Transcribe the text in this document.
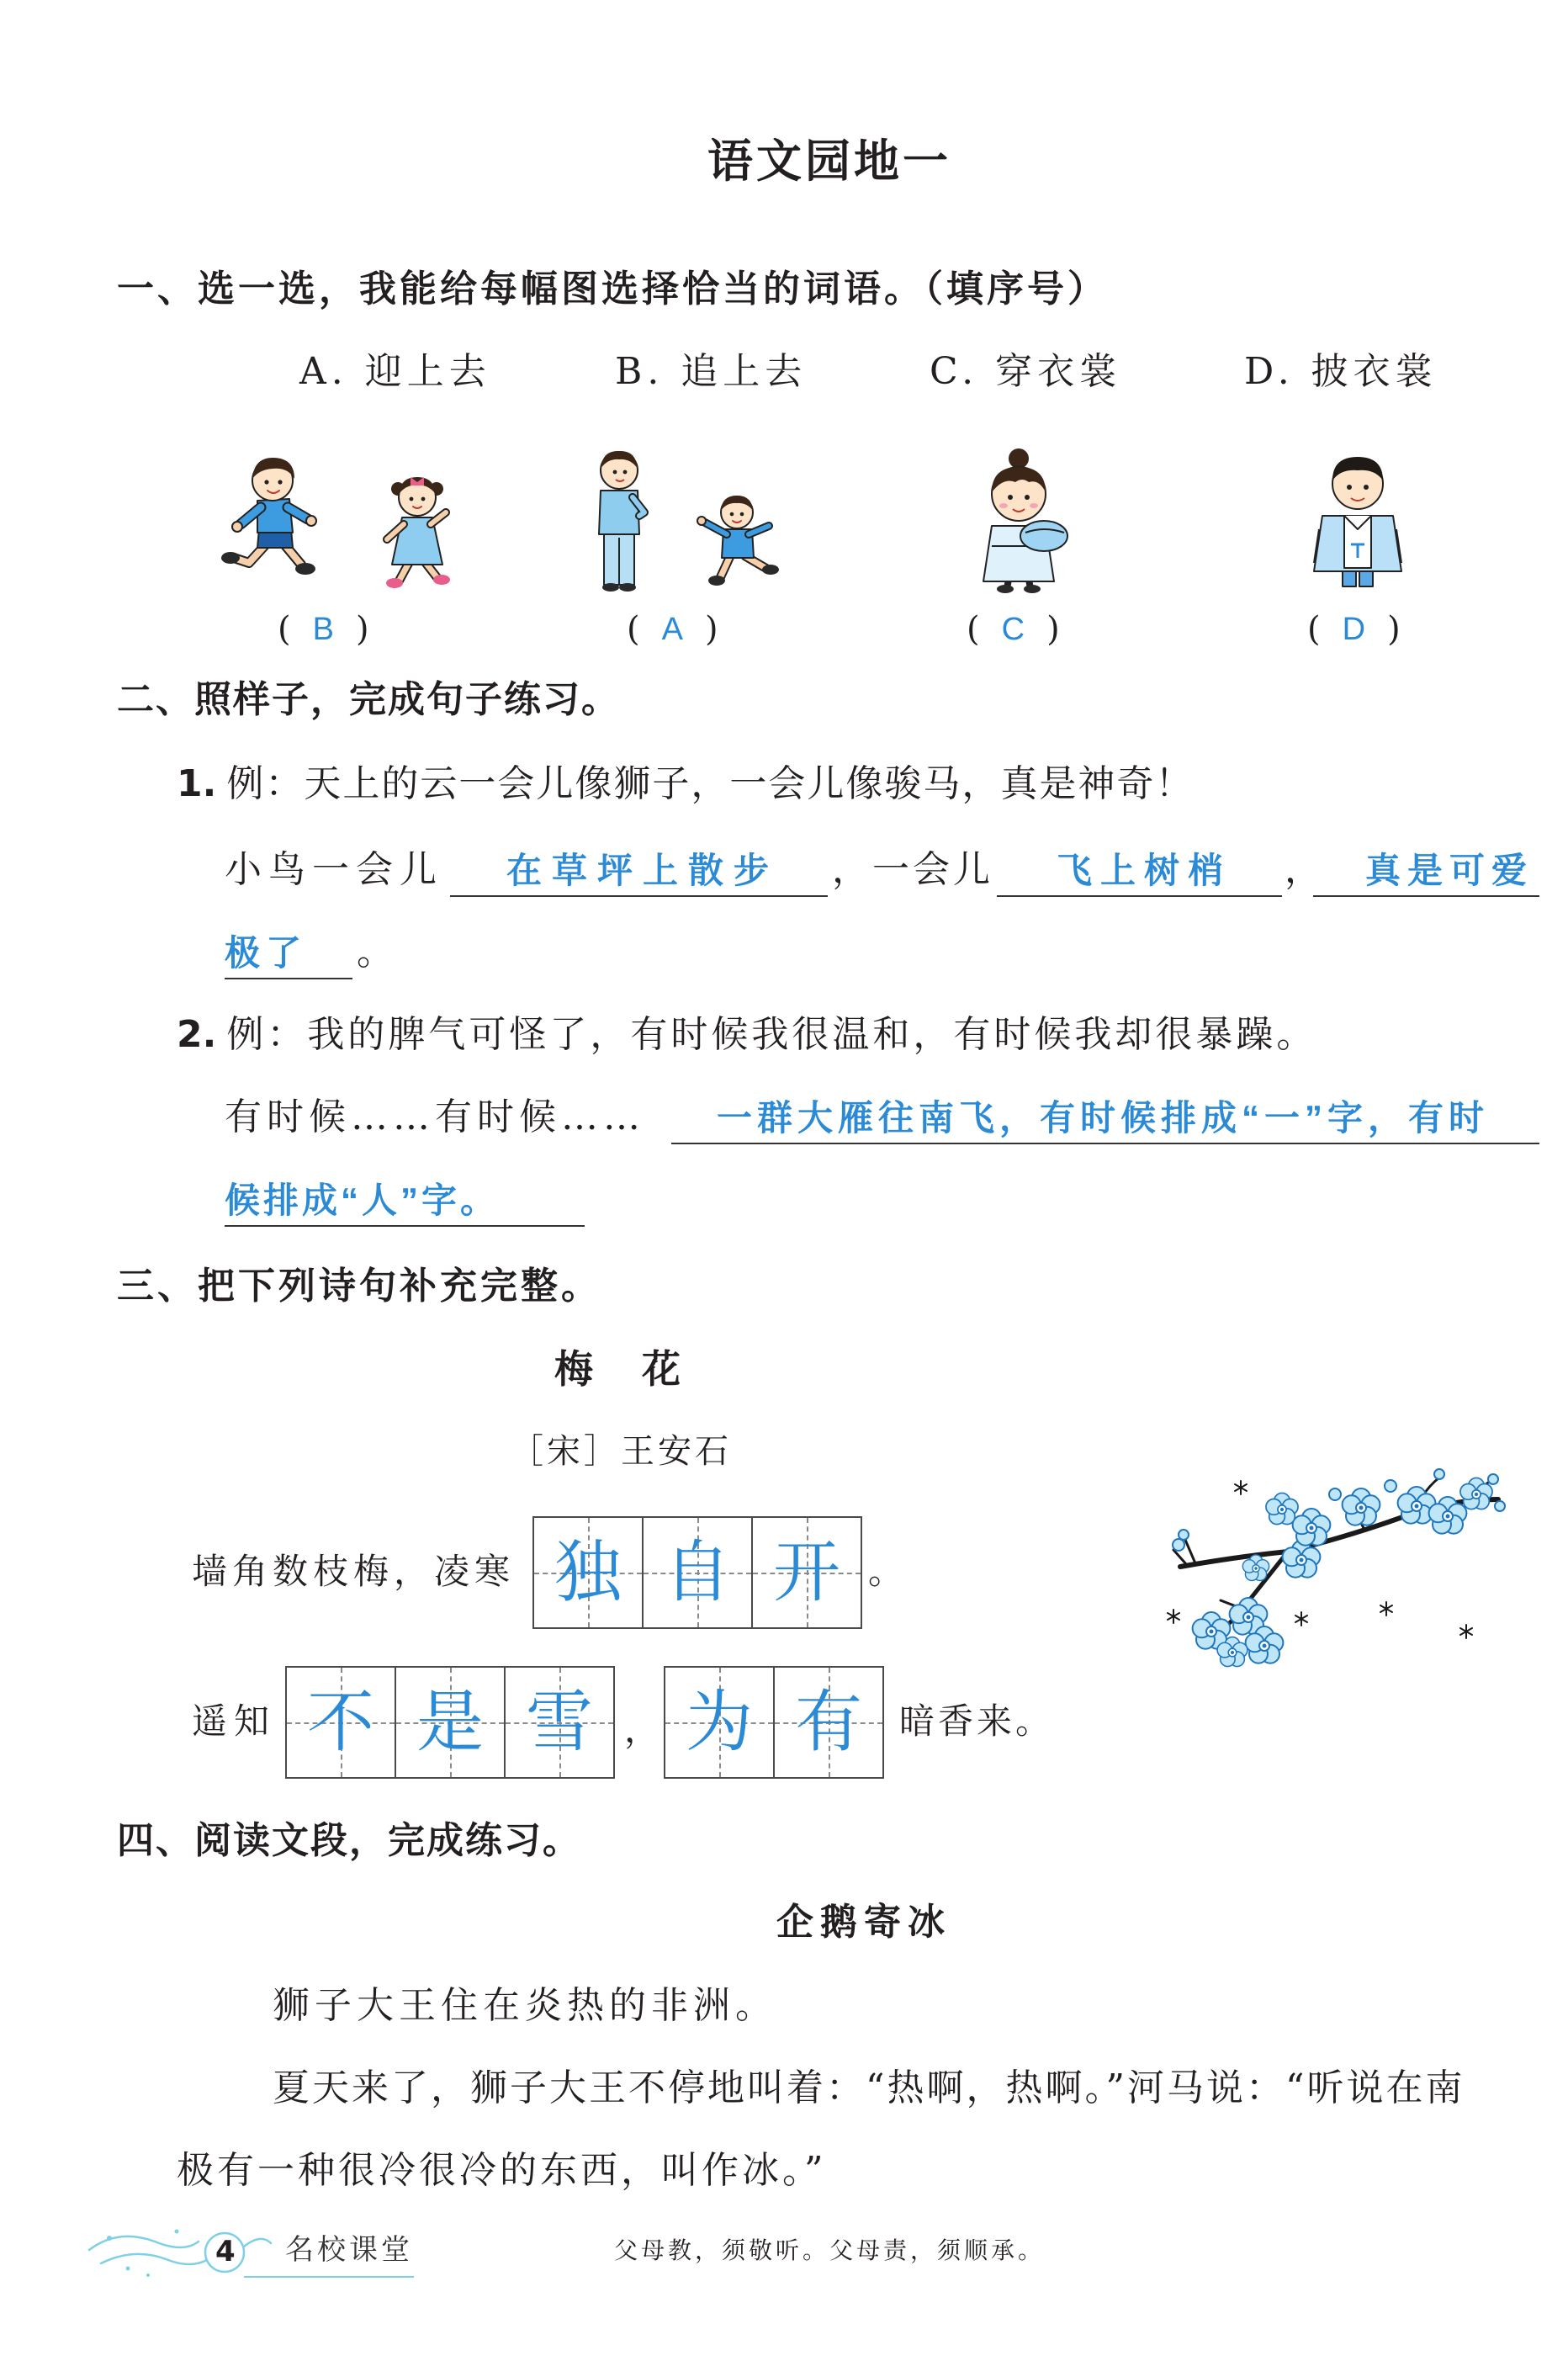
语文园地一
一、选一选，我能给每幅图选择恰当的词语。（填序号）
A. 迎上去	B. 追上去	C. 穿衣裳	D. 披衣裳
( B )	( A )	( C )	( D )
二、照样子，完成句子练习。
1. 例：天上的云一会儿像狮子，一会儿像骏马，真是神奇！
小鸟一会儿	在草坪上散步	，一会儿	飞上树梢	，	真是可爱
极了	。
2. 例：我的脾气可怪了，有时候我很温和，有时候我却很暴躁。
有时候……有时候……	一群大雁往南飞，有时候排成“一”字，有时
候排成“人”字。
三、把下列诗句补充完整。
梅　花
［宋］王安石
墙角数枝梅，凌寒 独 自 开 。
遥知 不 是 雪 ， 为 有	暗香来。
四、阅读文段，完成练习。
企鹅寄冰
狮子大王住在炎热的非洲。
夏天来了，狮子大王不停地叫着：“热啊，热啊。”河马说：“听说在南
极有一种很冷很冷的东西，叫作冰。”
4 名校课堂	父母教，须敬听。父母责，须顺承。
